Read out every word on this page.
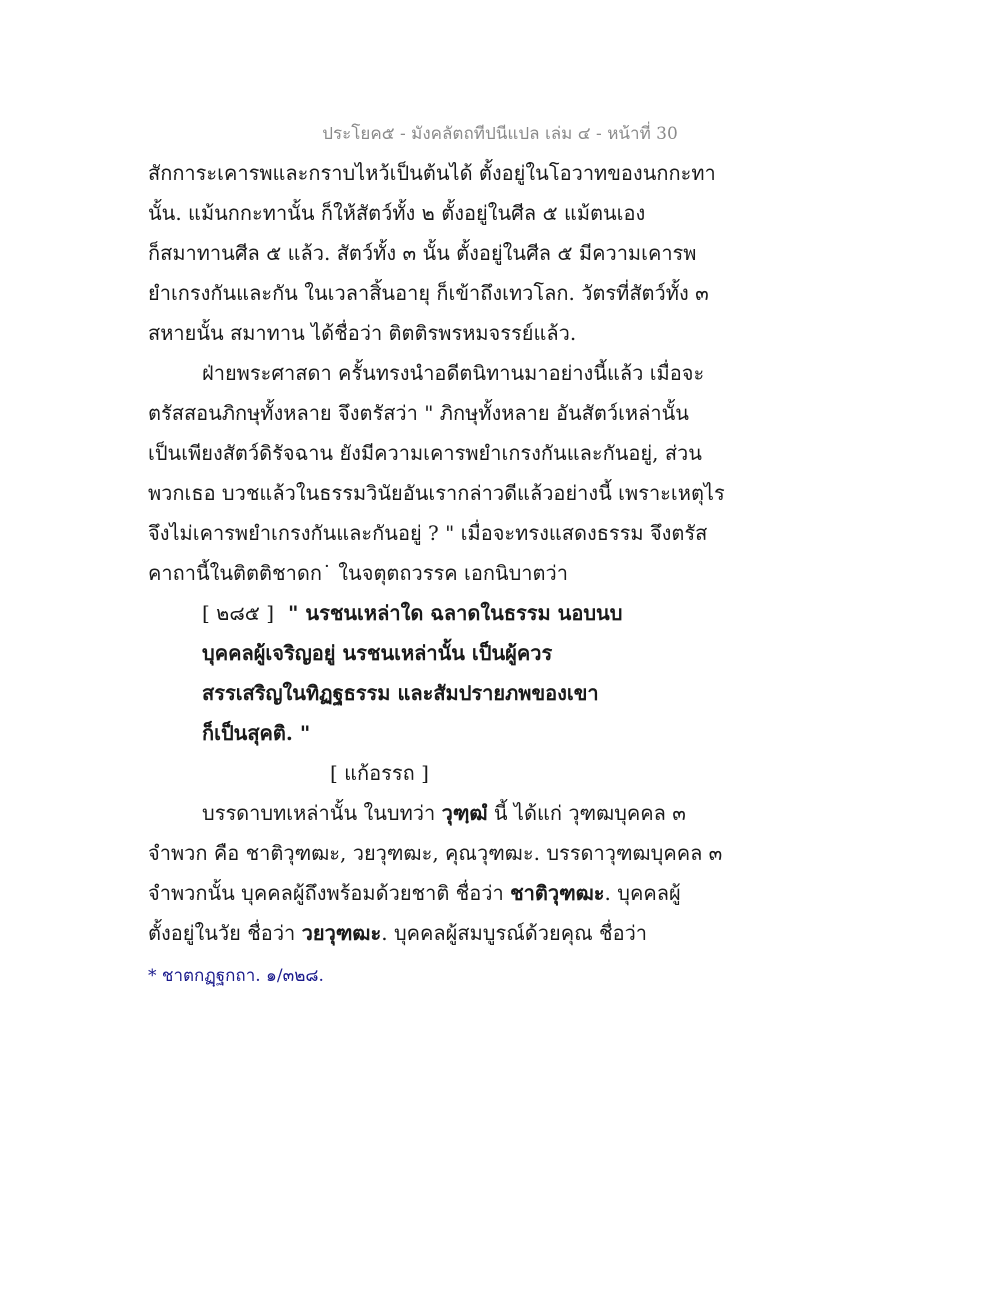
ประโยค๕ - มังคลัตถทีปนีแปล เล่ม ๔ - หน้าที่ 30
สักการะเคารพและกราบไหว้เป็นต้นได้ ตั้งอยู่ในโอวาทของนกกะทา
นั้น. แม้นกกะทานั้น ก็ให้สัตว์ทั้ง ๒ ตั้งอยู่ในศีล ๕ แม้ตนเอง
ก็สมาทานศีล ๕ แล้ว. สัตว์ทั้ง ๓ นั้น ตั้งอยู่ในศีล ๕ มีความเคารพ
ยำเกรงกันและกัน ในเวลาสิ้นอายุ ก็เข้าถึงเทวโลก. วัตรที่สัตว์ทั้ง ๓
สหายนั้น สมาทาน ได้ชื่อว่า ติตติรพรหมจรรย์แล้ว.
ฝ่ายพระศาสดา ครั้นทรงนำอดีตนิทานมาอย่างนี้แล้ว เมื่อจะ
ตรัสสอนภิกษุทั้งหลาย จึงตรัสว่า " ภิกษุทั้งหลาย อันสัตว์เหล่านั้น
เป็นเพียงสัตว์ดิรัจฉาน ยังมีความเคารพยำเกรงกันและกันอยู่, ส่วน
พวกเธอ บวชแล้วในธรรมวินัยอันเรากล่าวดีแล้วอย่างนี้ เพราะเหตุไร
จึงไม่เคารพยำเกรงกันและกันอยู่ ? " เมื่อจะทรงแสดงธรรม จึงตรัส
คาถานี้ในติตติชาดก˙ ในจตุตถวรรค เอกนิบาตว่า
[ ๒๘๕ ] " นรชนเหล่าใด ฉลาดในธรรม นอบนบ
บุคคลผู้เจริญอยู่ นรชนเหล่านั้น เป็นผู้ควร
สรรเสริญในทิฏฐธรรม และสัมปรายภพของเขา
ก็เป็นสุคติ. "
[ แก้อรรถ ]
บรรดาบทเหล่านั้น ในบทว่า วุฑฺฒํ นี้ ได้แก่ วุฑฒบุคคล ๓
จำพวก คือ ชาติวุฑฒะ, วยวุฑฒะ, คุณวุฑฒะ. บรรดาวุฑฒบุคคล ๓
จำพวกนั้น บุคคลผู้ถึงพร้อมด้วยชาติ ชื่อว่า ชาติวุฑฒะ. บุคคลผู้
ตั้งอยู่ในวัย ชื่อว่า วยวุฑฒะ. บุคคลผู้สมบูรณ์ด้วยคุณ ชื่อว่า
* ชาตกฏฺฐกถา. ๑/๓๒๘.
